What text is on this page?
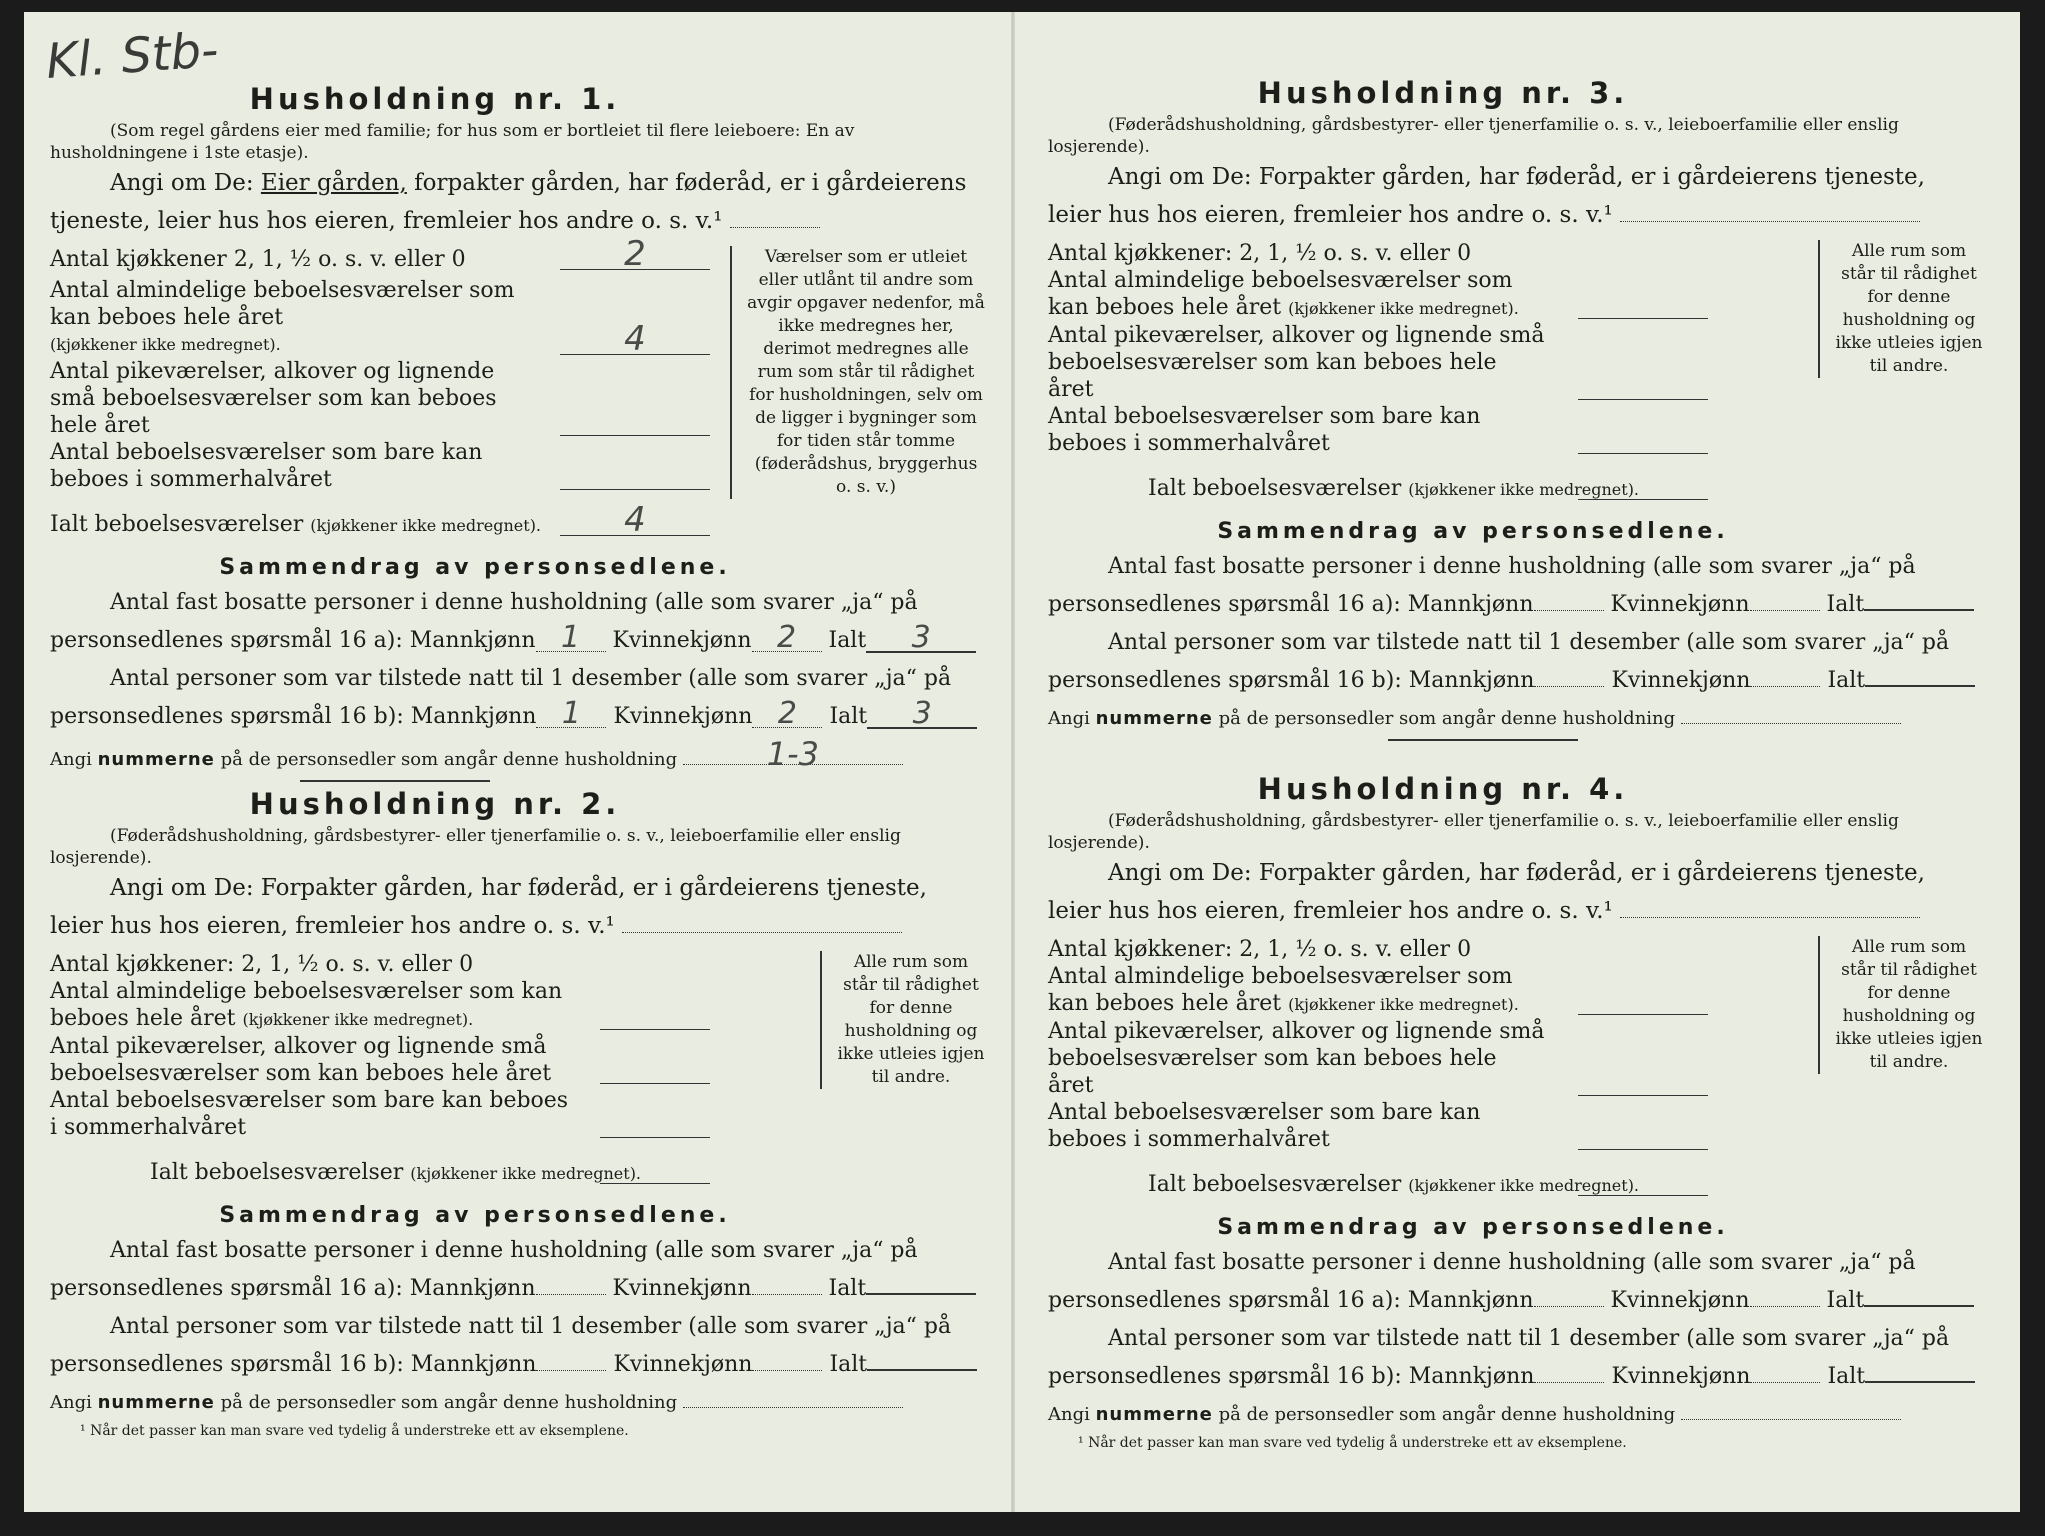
Kl. Stb-
Husholdning nr. 1.

(Som regel gårdens eier med familie; for hus som er bortleiet til flere leieboere: En av husholdningene i 1ste etasje).

Angi om De: Eier gården, forpakter gården, har føderåd, er i gårdeierens tjeneste, leier hus hos eieren, fremleier hos andre o. s. v.¹

Antal kjøkkener 2, 1, ½ o. s. v. eller 0	2
Antal almindelige beboelsesværelser som kan beboes hele året
(kjøkkener ikke medregnet).	4
Antal pikeværelser, alkover og lignende små beboelsesværelser som kan beboes hele året
Antal beboelsesværelser som bare kan beboes i sommerhalvåret
Ialt beboelsesværelser (kjøkkener ikke medregnet).	4
Værelser som er utleiet eller utlånt til andre som avgir opgaver nedenfor, må ikke medregnes her, derimot medregnes alle rum som står til rådighet for husholdningen, selv om de ligger i bygninger som for tiden står tomme (føderådshus, bryggerhus o. s. v.)
Sammendrag av personsedlene.

Antal fast bosatte personer i denne husholdning (alle som svarer „ja“ på personsedlenes spørsmål 16 a): Mannkjønn 1 Kvinnekjønn 2 Ialt 3

Antal personer som var tilstede natt til 1 desember (alle som svarer „ja“ på personsedlenes spørsmål 16 b): Mannkjønn 1 Kvinnekjønn 2 Ialt 3

Angi nummerne på de personsedler som angår denne husholdning	1-3
Husholdning nr. 2.

(Føderådshusholdning, gårdsbestyrer- eller tjenerfamilie o. s. v., leieboerfamilie eller enslig losjerende).

Angi om De: Forpakter gården, har føderåd, er i gårdeierens tjeneste, leier hus hos eieren, fremleier hos andre o. s. v.¹

Antal kjøkkener: 2, 1, ½ o. s. v. eller 0
Antal almindelige beboelsesværelser som kan beboes hele året (kjøkkener ikke medregnet).
Antal pikeværelser, alkover og lignende små beboelsesværelser som kan beboes hele året
Antal beboelsesværelser som bare kan beboes i sommerhalvåret
Ialt beboelsesværelser (kjøkkener ikke medregnet).
Alle rum som står til rådighet for denne husholdning og ikke utleies igjen til andre.
Sammendrag av personsedlene.

Antal fast bosatte personer i denne husholdning (alle som svarer „ja“ på personsedlenes spørsmål 16 a): Mannkjønn	Kvinnekjønn	Ialt

Antal personer som var tilstede natt til 1 desember (alle som svarer „ja“ på personsedlenes spørsmål 16 b): Mannkjønn	Kvinnekjønn	Ialt

Angi nummerne på de personsedler som angår denne husholdning
¹ Når det passer kan man svare ved tydelig å understreke ett av eksemplene.
Husholdning nr. 3.

(Føderådshusholdning, gårdsbestyrer- eller tjenerfamilie o. s. v., leieboerfamilie eller enslig losjerende).

Angi om De: Forpakter gården, har føderåd, er i gårdeierens tjeneste, leier hus hos eieren, fremleier hos andre o. s. v.¹

Antal kjøkkener: 2, 1, ½ o. s. v. eller 0
Antal almindelige beboelsesværelser som kan beboes hele året (kjøkkener ikke medregnet).
Antal pikeværelser, alkover og lignende små beboelsesværelser som kan beboes hele året
Antal beboelsesværelser som bare kan beboes i sommerhalvåret
Ialt beboelsesværelser (kjøkkener ikke medregnet).
Alle rum som står til rådighet for denne husholdning og ikke utleies igjen til andre.
Sammendrag av personsedlene.

Antal fast bosatte personer i denne husholdning (alle som svarer „ja“ på personsedlenes spørsmål 16 a): Mannkjønn	Kvinnekjønn	Ialt

Antal personer som var tilstede natt til 1 desember (alle som svarer „ja“ på personsedlenes spørsmål 16 b): Mannkjønn	Kvinnekjønn	Ialt

Angi nummerne på de personsedler som angår denne husholdning
Husholdning nr. 4.

(Føderådshusholdning, gårdsbestyrer- eller tjenerfamilie o. s. v., leieboerfamilie eller enslig losjerende).

Angi om De: Forpakter gården, har føderåd, er i gårdeierens tjeneste, leier hus hos eieren, fremleier hos andre o. s. v.¹

Antal kjøkkener: 2, 1, ½ o. s. v. eller 0
Antal almindelige beboelsesværelser som kan beboes hele året (kjøkkener ikke medregnet).
Antal pikeværelser, alkover og lignende små beboelsesværelser som kan beboes hele året
Antal beboelsesværelser som bare kan beboes i sommerhalvåret
Ialt beboelsesværelser (kjøkkener ikke medregnet).
Alle rum som står til rådighet for denne husholdning og ikke utleies igjen til andre.
Sammendrag av personsedlene.

Antal fast bosatte personer i denne husholdning (alle som svarer „ja“ på personsedlenes spørsmål 16 a): Mannkjønn	Kvinnekjønn	Ialt

Antal personer som var tilstede natt til 1 desember (alle som svarer „ja“ på personsedlenes spørsmål 16 b): Mannkjønn	Kvinnekjønn	Ialt

Angi nummerne på de personsedler som angår denne husholdning
¹ Når det passer kan man svare ved tydelig å understreke ett av eksemplene.
